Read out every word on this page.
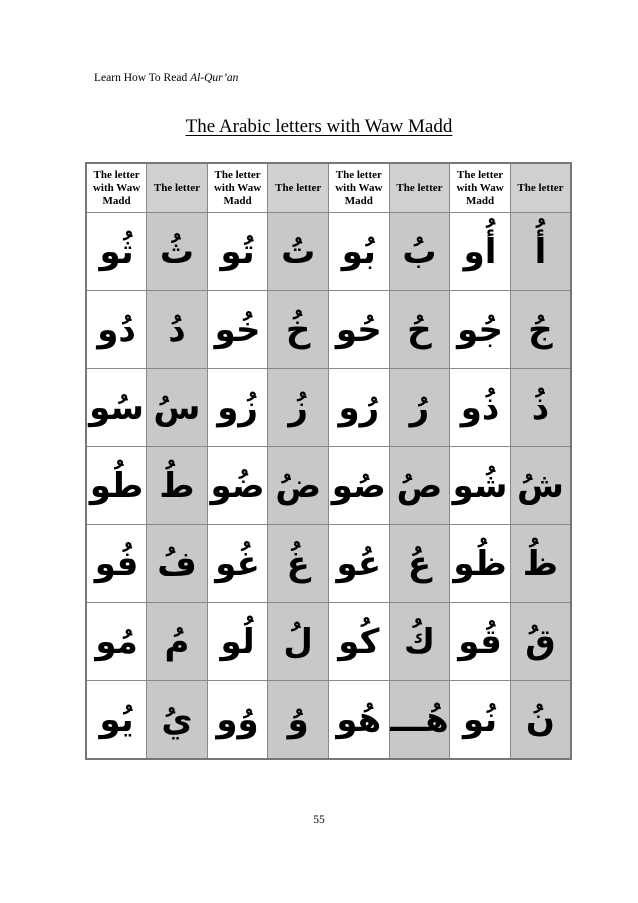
Learn How To Read Al-Qur’an
The Arabic letters with Waw Madd
The letter with Waw Madd	The letter	The letter with Waw Madd	The letter	The letter with Waw Madd	The letter	The letter with Waw Madd	The letter
ثُو	ثُ	تُو	تُ	بُو	بُ	أُو	أُ
دُو	دُ	خُو	خُ	حُو	حُ	جُو	جُ
سُو	سُ	زُو	زُ	رُو	رُ	ذُو	ذُ
طُو	طُ	ضُو	ضُ	صُو	صُ	شُو	شُ
فُو	فُ	غُو	غُ	عُو	عُ	ظُو	ظُ
مُو	مُ	لُو	لُ	كُو	كُ	قُو	قُ
يُو	يُ	وُو	وُ	هُو	هُـــ	نُو	نُ
55
